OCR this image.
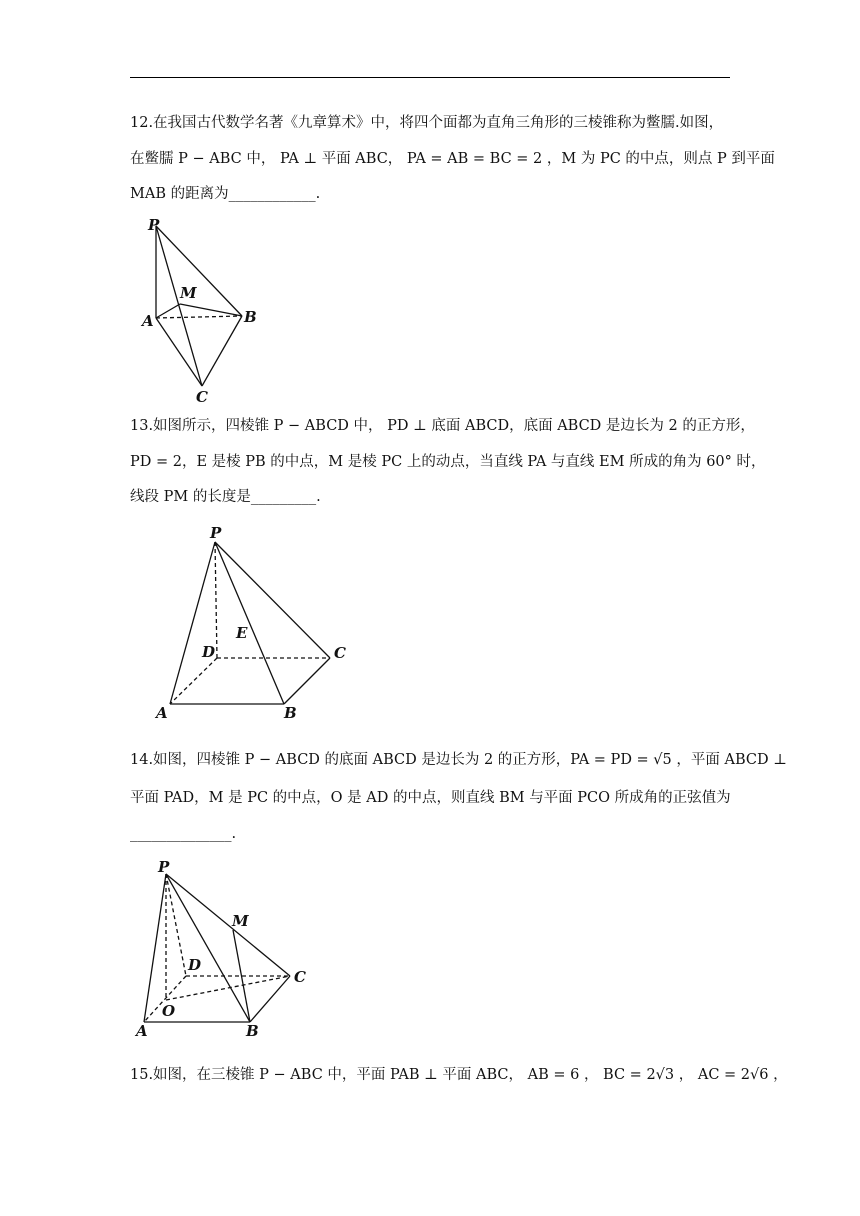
12.在我国古代数学名著《九章算术》中，将四个面都为直角三角形的三棱锥称为鳖臑.如图，
在鳖臑 P − ABC 中， PA ⊥ 平面 ABC， PA = AB = BC = 2 ，M 为 PC 的中点，则点 P 到平面
MAB 的距离为____________.
P
M
A	B
C
13.如图所示，四棱锥 P − ABCD 中， PD ⊥ 底面 ABCD，底面 ABCD 是边长为 2 的正方形，
PD = 2，E 是棱 PB 的中点，M 是棱 PC 上的动点，当直线 PA 与直线 EM 所成的角为 60° 时，
线段 PM 的长度是_________.
P
E
D	C
A	B
14.如图，四棱锥 P − ABCD 的底面 ABCD 是边长为 2 的正方形，PA = PD = √5 ，平面 ABCD ⊥
平面 PAD，M 是 PC 的中点，O 是 AD 的中点，则直线 BM 与平面 PCO 所成角的正弦值为
______________.
P
M
D
C
O
A	B
15.如图，在三棱锥 P − ABC 中，平面 PAB ⊥ 平面 ABC， AB = 6 ， BC = 2√3 ， AC = 2√6 ，
